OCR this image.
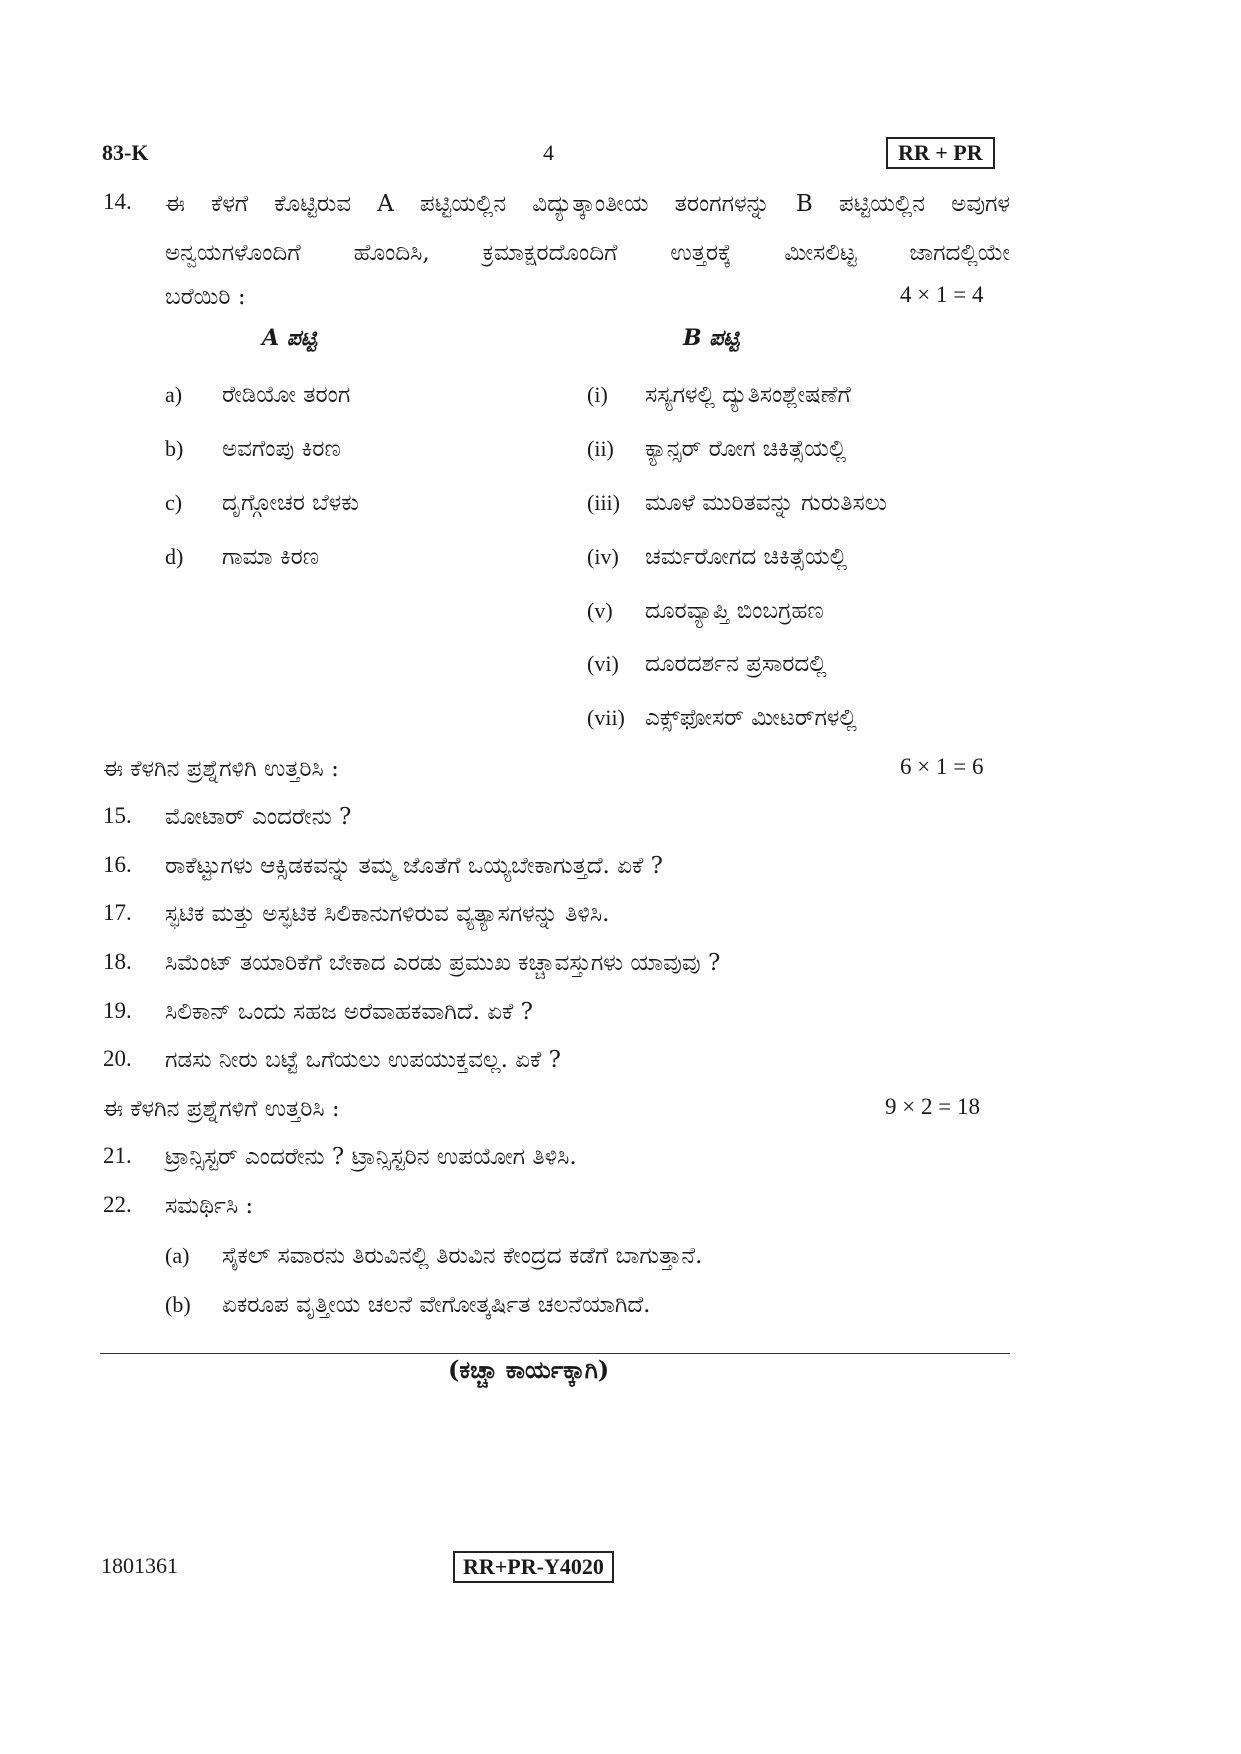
83-K	4	RR + PR
14. ಈ ಕೆಳಗೆ ಕೊಟ್ಟಿರುವ A ಪಟ್ಟಿಯಲ್ಲಿನ ವಿದ್ಯುತ್ಕಾಂತೀಯ ತರಂಗಗಳನ್ನು B ಪಟ್ಟಿಯಲ್ಲಿನ ಅವುಗಳ
ಅನ್ವಯಗಳೊಂದಿಗೆ ಹೊಂದಿಸಿ, ಕ್ರಮಾಕ್ಷರದೊಂದಿಗೆ ಉತ್ತರಕ್ಕೆ ಮೀಸಲಿಟ್ಟ ಜಾಗದಲ್ಲಿಯೇ
ಬರೆಯಿರಿ :	4 × 1 = 4
A ಪಟ್ಟಿ	B ಪಟ್ಟಿ
a) ರೇಡಿಯೋ ತರಂಗ
b) ಅವಗೆಂಪು ಕಿರಣ
c) ದೃಗ್ಗೋಚರ ಬೆಳಕು
d) ಗಾಮಾ ಕಿರಣ
(i) ಸಸ್ಯಗಳಲ್ಲಿ ದ್ಯುತಿಸಂಶ್ಲೇಷಣೆಗೆ
(ii) ಕ್ಯಾನ್ಸರ್ ರೋಗ ಚಿಕಿತ್ಸೆಯಲ್ಲಿ
(iii) ಮೂಳೆ ಮುರಿತವನ್ನು ಗುರುತಿಸಲು
(iv) ಚರ್ಮರೋಗದ ಚಿಕಿತ್ಸೆಯಲ್ಲಿ
(v) ದೂರವ್ಯಾಪ್ತಿ ಬಿಂಬಗ್ರಹಣ
(vi) ದೂರದರ್ಶನ ಪ್ರಸಾರದಲ್ಲಿ
(vii) ಎಕ್ಸ್‌ಫೋಸರ್ ಮೀಟರ್‌ಗಳಲ್ಲಿ
ಈ ಕೆಳಗಿನ ಪ್ರಶ್ನೆಗಳಿಗಿ ಉತ್ತರಿಸಿ :	6 × 1 = 6
15. ಮೋಟಾರ್ ಎಂದರೇನು ?
16. ರಾಕೆಟ್ಟುಗಳು ಆಕ್ಸಿಡಕವನ್ನು ತಮ್ಮ ಜೊತೆಗೆ ಒಯ್ಯಬೇಕಾಗುತ್ತದೆ. ಏಕೆ ?
17. ಸ್ಫಟಿಕ ಮತ್ತು ಅಸ್ಫಟಿಕ ಸಿಲಿಕಾನುಗಳಿರುವ ವ್ಯತ್ಯಾಸಗಳನ್ನು ತಿಳಿಸಿ.
18. ಸಿಮೆಂಟ್ ತಯಾರಿಕೆಗೆ ಬೇಕಾದ ಎರಡು ಪ್ರಮುಖ ಕಚ್ಚಾವಸ್ತುಗಳು ಯಾವುವು ?
19. ಸಿಲಿಕಾನ್ ಒಂದು ಸಹಜ ಅರೆವಾಹಕವಾಗಿದೆ. ಏಕೆ ?
20. ಗಡಸು ನೀರು ಬಟ್ಟೆ ಒಗೆಯಲು ಉಪಯುಕ್ತವಲ್ಲ. ಏಕೆ ?
ಈ ಕೆಳಗಿನ ಪ್ರಶ್ನೆಗಳಿಗೆ ಉತ್ತರಿಸಿ :	9 × 2 = 18
21. ಟ್ರಾನ್ಸಿಸ್ಟರ್ ಎಂದರೇನು ? ಟ್ರಾನ್ಸಿಸ್ಟರಿನ ಉಪಯೋಗ ತಿಳಿಸಿ.
22. ಸಮರ್ಥಿಸಿ :
(a) ಸೈಕಲ್ ಸವಾರನು ತಿರುವಿನಲ್ಲಿ ತಿರುವಿನ ಕೇಂದ್ರದ ಕಡೆಗೆ ಬಾಗುತ್ತಾನೆ.
(b) ಏಕರೂಪ ವೃತ್ತೀಯ ಚಲನೆ ವೇಗೋತ್ಕರ್ಷಿತ ಚಲನೆಯಾಗಿದೆ.
(ಕಚ್ಚಾ ಕಾರ್ಯಕ್ಕಾಗಿ)
1801361	RR+PR-Y4020
